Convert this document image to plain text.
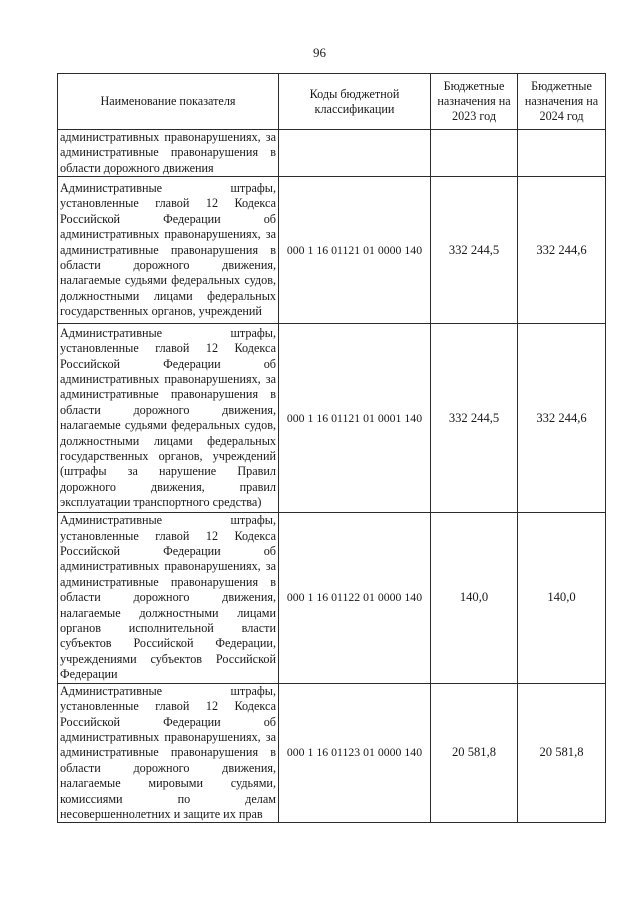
96
Наименование показателя	Коды бюджетной классификации	Бюджетные назначения на 2023 год	Бюджетные назначения на 2024 год
административных правонарушениях, за административные правонарушения в области дорожного движения			
Административные штрафы, установленные главой 12 Кодекса Российской Федерации об административных правонарушениях, за административные правонарушения в области дорожного движения, налагаемые судьями федеральных судов, должностными лицами федеральных государственных органов, учреждений	000 1 16 01121 01 0000 140	332 244,5	332 244,6
Административные штрафы, установленные главой 12 Кодекса Российской Федерации об административных правонарушениях, за административные правонарушения в области дорожного движения, налагаемые судьями федеральных судов, должностными лицами федеральных государственных органов, учреждений (штрафы за нарушение Правил дорожного движения, правил эксплуатации транспортного средства)	000 1 16 01121 01 0001 140	332 244,5	332 244,6
Административные штрафы, установленные главой 12 Кодекса Российской Федерации об административных правонарушениях, за административные правонарушения в области дорожного движения, налагаемые должностными лицами органов исполнительной власти субъектов Российской Федерации, учреждениями субъектов Российской Федерации	000 1 16 01122 01 0000 140	140,0	140,0
Административные штрафы, установленные главой 12 Кодекса Российской Федерации об административных правонарушениях, за административные правонарушения в области дорожного движения, налагаемые мировыми судьями, комиссиями по делам несовершеннолетних и защите их прав	000 1 16 01123 01 0000 140	20 581,8	20 581,8
